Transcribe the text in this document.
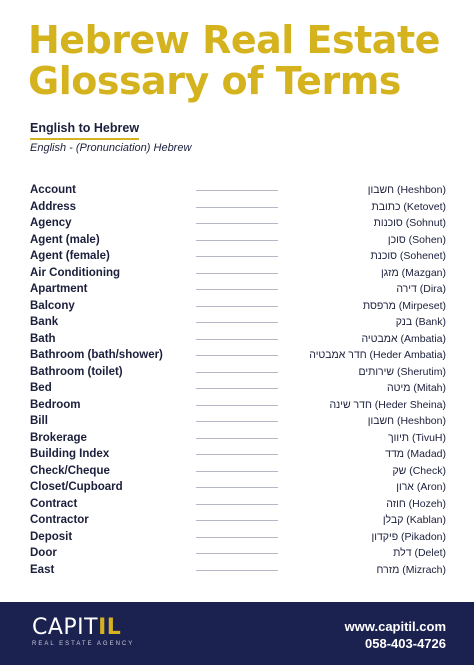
Hebrew Real Estate
Glossary of Terms
English to Hebrew
English - (Pronunciation) Hebrew
Account	חשבון (Heshbon)
Address	כתובת (Ketovet)
Agency	סוכנות (Sohnut)
Agent (male)	סוכן (Sohen)
Agent (female)	סוכנת (Sohenet)
Air Conditioning	מזגן (Mazgan)
Apartment	דירה (Dira)
Balcony	מרפסת (Mirpeset)
Bank	בנק (Bank)
Bath	אמבטיה (Ambatia)
Bathroom (bath/shower)	חדר אמבטיה (Heder Ambatia)
Bathroom (toilet)	שירותים (Sherutim)
Bed	מיטה (Mitah)
Bedroom	חדר שינה (Heder Sheina)
Bill	חשבון (Heshbon)
Brokerage	תיווך (TivuH)
Building Index	מדד (Madad)
Check/Cheque	שק (Check)
Closet/Cupboard	ארון (Aron)
Contract	חוזה (Hozeh)
Contractor	קבלן (Kablan)
Deposit	פיקדון (Pikadon)
Door	דלת (Delet)
East	מזרח (Mizrach)
CAPITIL
REAL ESTATE AGENCY
www.capitil.com
058-403-4726
